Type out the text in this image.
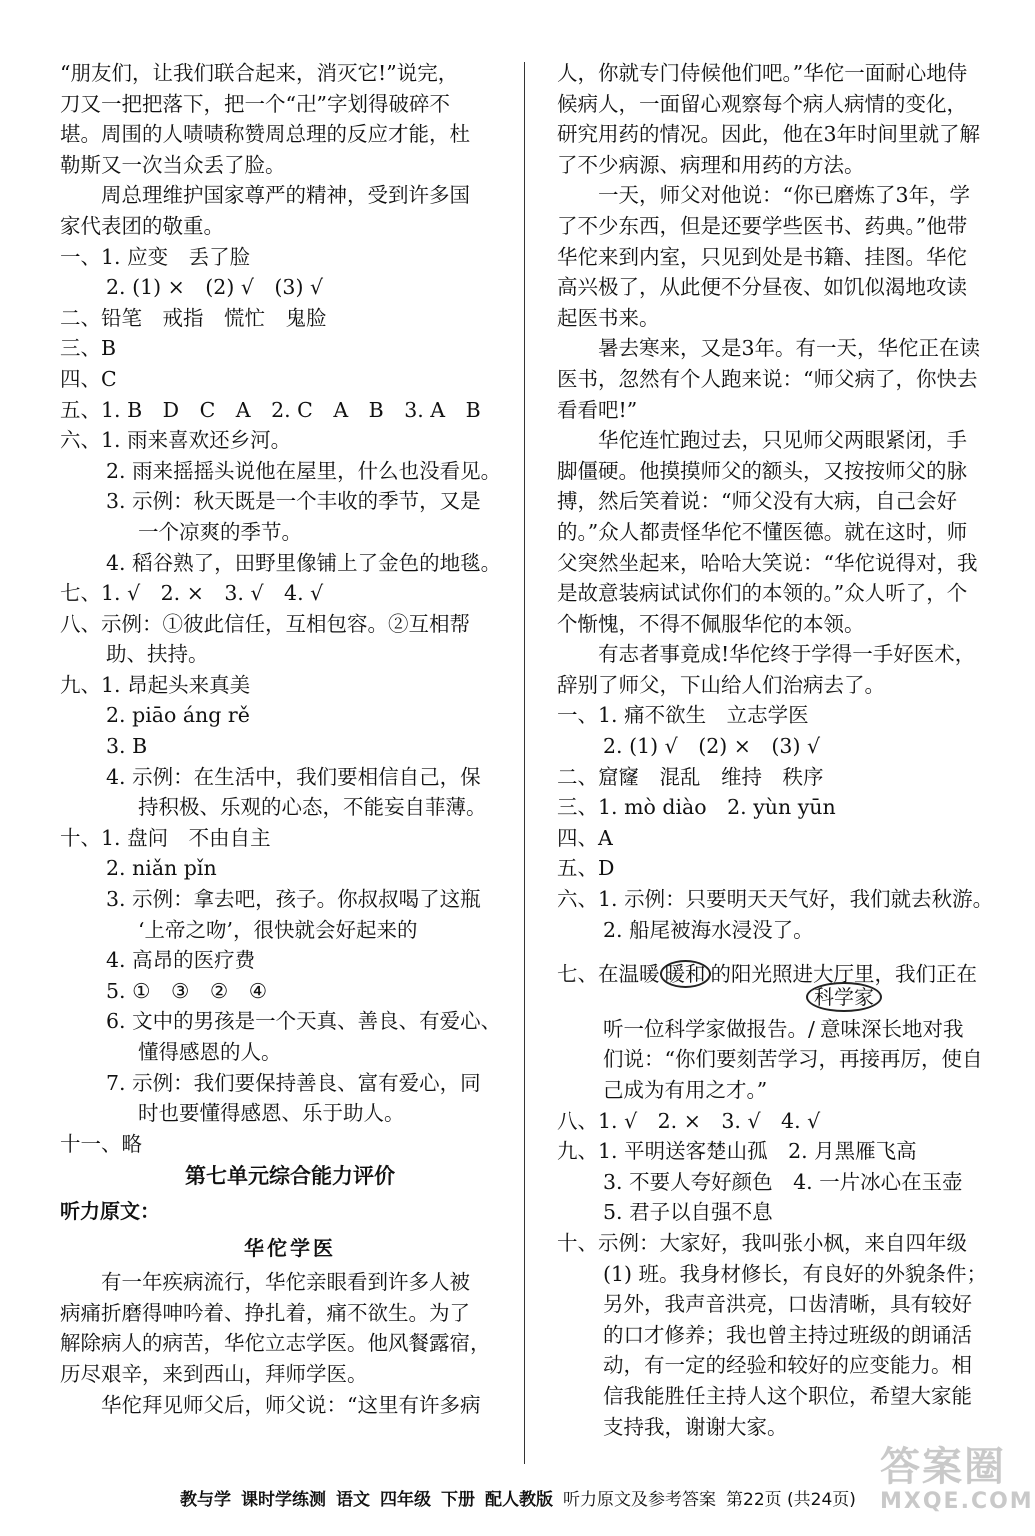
“朋友们，让我们联合起来，消灭它!”说完，
刀又一把把落下，把一个“卍”字划得破碎不
堪。周围的人啧啧称赞周总理的反应才能，杜
勒斯又一次当众丢了脸。
周总理维护国家尊严的精神，受到许多国
家代表团的敬重。
一、1. 应变　丢了脸
2. (1) ×　(2) √　(3) √
二、铅笔　戒指　慌忙　鬼脸
三、B
四、C
五、1. B　D　C　A　2. C　A　B　3. A　B
六、1. 雨来喜欢还乡河。
2. 雨来摇摇头说他在屋里，什么也没看见。
3. 示例：秋天既是一个丰收的季节，又是
一个凉爽的季节。
4. 稻谷熟了，田野里像铺上了金色的地毯。
七、1. √　2. ×　3. √　4. √
八、示例：①彼此信任，互相包容。②互相帮
助、扶持。
九、1. 昂起头来真美
2. piāo áng rě
3. B
4. 示例：在生活中，我们要相信自己，保
持积极、乐观的心态，不能妄自菲薄。
十、1. 盘问　不由自主
2. niǎn pǐn
3. 示例：拿去吧，孩子。你叔叔喝了这瓶
‘上帝之吻’，很快就会好起来的
4. 高昂的医疗费
5. ①　③　②　④
6. 文中的男孩是一个天真、善良、有爱心、
懂得感恩的人。
7. 示例：我们要保持善良、富有爱心，同
时也要懂得感恩、乐于助人。
十一、略
第七单元综合能力评价
听力原文：
华佗学医
有一年疾病流行，华佗亲眼看到许多人被
病痛折磨得呻吟着、挣扎着，痛不欲生。为了
解除病人的病苦，华佗立志学医。他风餐露宿，
历尽艰辛，来到西山，拜师学医。
华佗拜见师父后，师父说：“这里有许多病
人，你就专门侍候他们吧。”华佗一面耐心地侍
候病人，一面留心观察每个病人病情的变化，
研究用药的情况。因此，他在3年时间里就了解
了不少病源、病理和用药的方法。
一天，师父对他说：“你已磨炼了3年，学
了不少东西，但是还要学些医书、药典。”他带
华佗来到内室，只见到处是书籍、挂图。华佗
高兴极了，从此便不分昼夜、如饥似渴地攻读
起医书来。
暑去寒来，又是3年。有一天，华佗正在读
医书，忽然有个人跑来说：“师父病了，你快去
看看吧!”
华佗连忙跑过去，只见师父两眼紧闭，手
脚僵硬。他摸摸师父的额头，又按按师父的脉
搏，然后笑着说：“师父没有大病，自己会好
的。”众人都责怪华佗不懂医德。就在这时，师
父突然坐起来，哈哈大笑说：“华佗说得对，我
是故意装病试试你们的本领的。”众人听了，个
个惭愧，不得不佩服华佗的本领。
有志者事竟成!华佗终于学得一手好医术，
辞别了师父，下山给人们治病去了。
一、1. 痛不欲生　立志学医
2. (1) √　(2) ×　(3) √
二、窟窿　混乱　维持　秩序
三、1. mò diào　2. yùn yūn
四、A
五、D
六、1. 示例：只要明天天气好，我们就去秋游。
2. 船尾被海水浸没了。
七、在温暖 暖和 的阳光照进大厅里，我们正在
科学家
听一位科学家做报告。/ 意味深长地对我
们说：“你们要刻苦学习，再接再厉，使自
己成为有用之才。”
八、1. √　2. ×　3. √　4. √
九、1. 平明送客楚山孤　2. 月黑雁飞高
3. 不要人夸好颜色　4. 一片冰心在玉壶
5. 君子以自强不息
十、示例：大家好，我叫张小枫，来自四年级
(1) 班。我身材修长，有良好的外貌条件；
另外，我声音洪亮，口齿清晰，具有较好
的口才修养；我也曾主持过班级的朗诵活
动，有一定的经验和较好的应变能力。相
信我能胜任主持人这个职位，希望大家能
支持我，谢谢大家。
教与学 课时学练测 语文 四年级 下册 配人教版 听力原文及参考答案 第22页 (共24页)
答案圈
MXQE.COM
